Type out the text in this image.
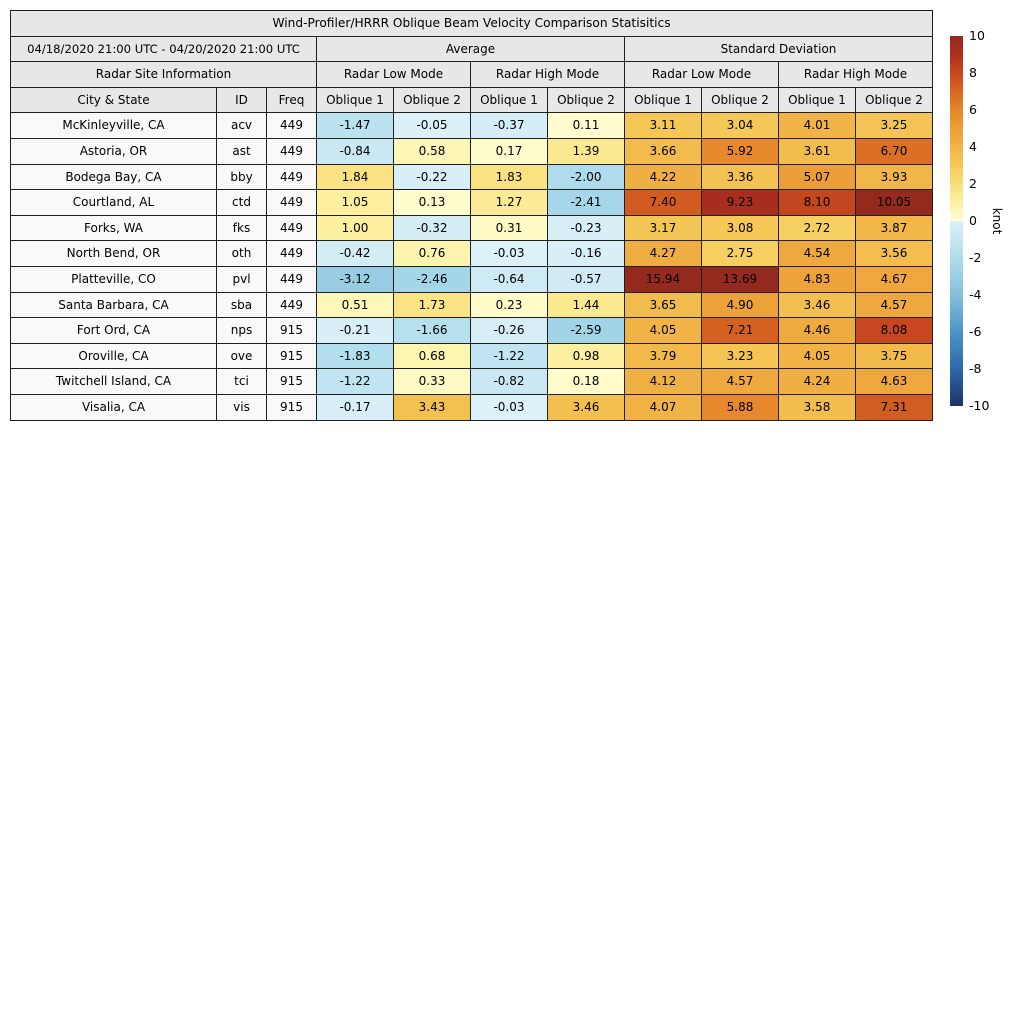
Wind-Profiler/HRRR Oblique Beam Velocity Comparison Statisitics										
04/18/2020 21:00 UTC - 04/20/2020 21:00 UTC			Average				Standard Deviation			
Radar Site Information			Radar Low Mode		Radar High Mode		Radar Low Mode		Radar High Mode	
City & State	ID	Freq	Oblique 1	Oblique 2	Oblique 1	Oblique 2	Oblique 1	Oblique 2	Oblique 1	Oblique 2
McKinleyville, CA	acv	449	-1.47	-0.05	-0.37	0.11	3.11	3.04	4.01	3.25
Astoria, OR	ast	449	-0.84	0.58	0.17	1.39	3.66	5.92	3.61	6.70
Bodega Bay, CA	bby	449	1.84	-0.22	1.83	-2.00	4.22	3.36	5.07	3.93
Courtland, AL	ctd	449	1.05	0.13	1.27	-2.41	7.40	9.23	8.10	10.05
Forks, WA	fks	449	1.00	-0.32	0.31	-0.23	3.17	3.08	2.72	3.87
North Bend, OR	oth	449	-0.42	0.76	-0.03	-0.16	4.27	2.75	4.54	3.56
Platteville, CO	pvl	449	-3.12	-2.46	-0.64	-0.57	15.94	13.69	4.83	4.67
Santa Barbara, CA	sba	449	0.51	1.73	0.23	1.44	3.65	4.90	3.46	4.57
Fort Ord, CA	nps	915	-0.21	-1.66	-0.26	-2.59	4.05	7.21	4.46	8.08
Oroville, CA	ove	915	-1.83	0.68	-1.22	0.98	3.79	3.23	4.05	3.75
Twitchell Island, CA	tci	915	-1.22	0.33	-0.82	0.18	4.12	4.57	4.24	4.63
Visalia, CA	vis	915	-0.17	3.43	-0.03	3.46	4.07	5.88	3.58	7.31
10
8
6
4
2
0
-2
-4
-6
-8
-10
knot
